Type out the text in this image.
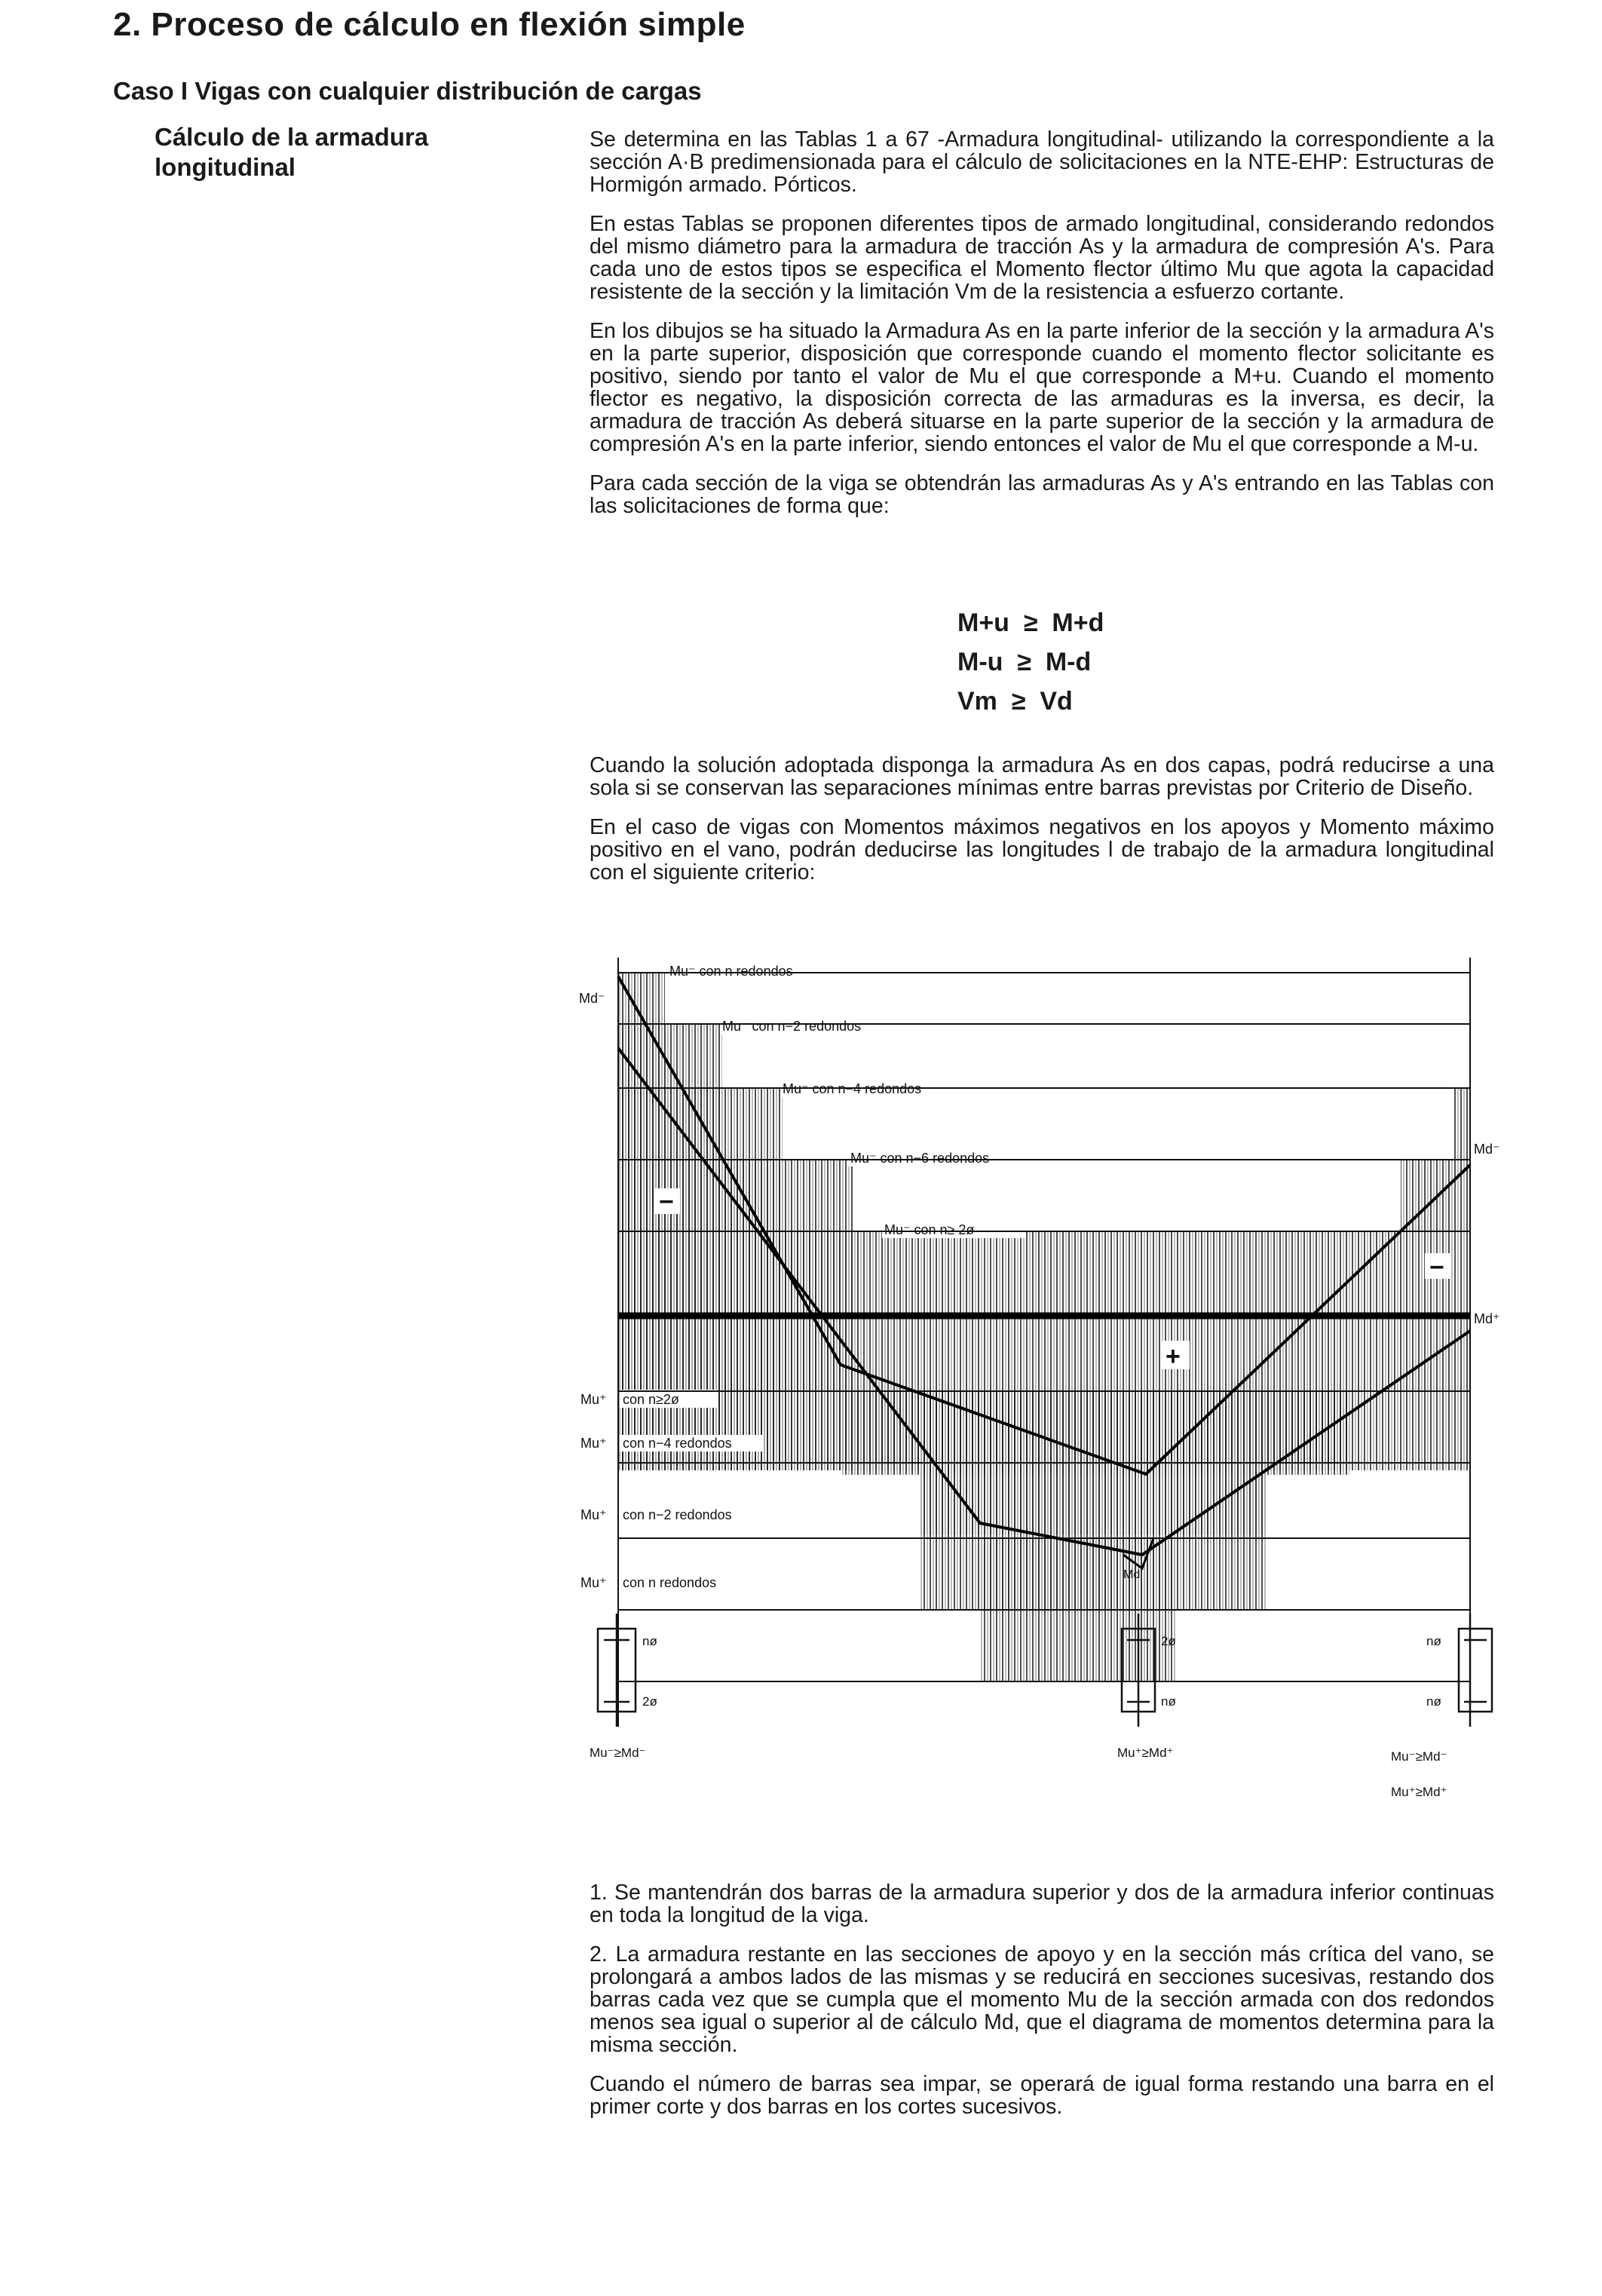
2. Proceso de cálculo en flexión simple
Caso I Vigas con cualquier distribución de cargas
Cálculo de la armadura longitudinal

Se determina en las Tablas 1 a 67 -Armadura longitudinal- utilizando la correspondiente a la sección A·B predimensionada para el cálculo de solicitaciones en la NTE-EHP: Estructuras de Hormigón armado. Pórticos.

En estas Tablas se proponen diferentes tipos de armado longitudinal, considerando redondos del mismo diámetro para la armadura de tracción As y la armadura de compresión A's. Para cada uno de estos tipos se especifica el Momento flector último Mu que agota la capacidad resistente de la sección y la limitación Vm de la resistencia a esfuerzo cortante.

En los dibujos se ha situado la Armadura As en la parte inferior de la sección y la armadura A's en la parte superior, disposición que corresponde cuando el momento flector solicitante es positivo, siendo por tanto el valor de Mu el que corresponde a M+u. Cuando el momento flector es negativo, la disposición correcta de las armaduras es la inversa, es decir, la armadura de tracción As deberá situarse en la parte superior de la sección y la armadura de compresión A's en la parte inferior, siendo entonces el valor de Mu el que corresponde a M-u.

Para cada sección de la viga se obtendrán las armaduras As y A's entrando en las Tablas con las solicitaciones de forma que:

M+u  ≥  M+d
M-u  ≥  M-d
Vm  ≥  Vd

Cuando la solución adoptada disponga la armadura As en dos capas, podrá reducirse a una sola si se conservan las separaciones mínimas entre barras previstas por Criterio de Diseño.

En el caso de vigas con Momentos máximos negativos en los apoyos y Momento máximo positivo en el vano, podrán deducirse las longitudes l de trabajo de la armadura longitudinal con el siguiente criterio:

Mu⁻ con n redondos
Mu⁻ con n−2 redondos
Mu⁻ con n−4 redondos
Mu⁻ con n−6 redondos
Mu⁻ con n≥ 2ø
con n≥2ø
con n−4 redondos
con n−2 redondos
con n redondos
Md⁻
Md⁻
Md⁺
Mu⁺
Mu⁺
Mu⁺
Mu⁺
Md
−
−
+
nø
2ø
2ø
nø
nø
nø
Mu⁻≥Md⁻	Mu⁺≥Md⁺	Mu⁻≥Md⁻
Mu⁺≥Md⁺

1. Se mantendrán dos barras de la armadura superior y dos de la armadura inferior continuas en toda la longitud de la viga.

2. La armadura restante en las secciones de apoyo y en la sección más crítica del vano, se prolongará a ambos lados de las mismas y se reducirá en secciones sucesivas, restando dos barras cada vez que se cumpla que el momento Mu de la sección armada con dos redondos menos sea igual o superior al de cálculo Md, que el diagrama de momentos determina para la misma sección.

Cuando el número de barras sea impar, se operará de igual forma restando una barra en el primer corte y dos barras en los cortes sucesivos.
